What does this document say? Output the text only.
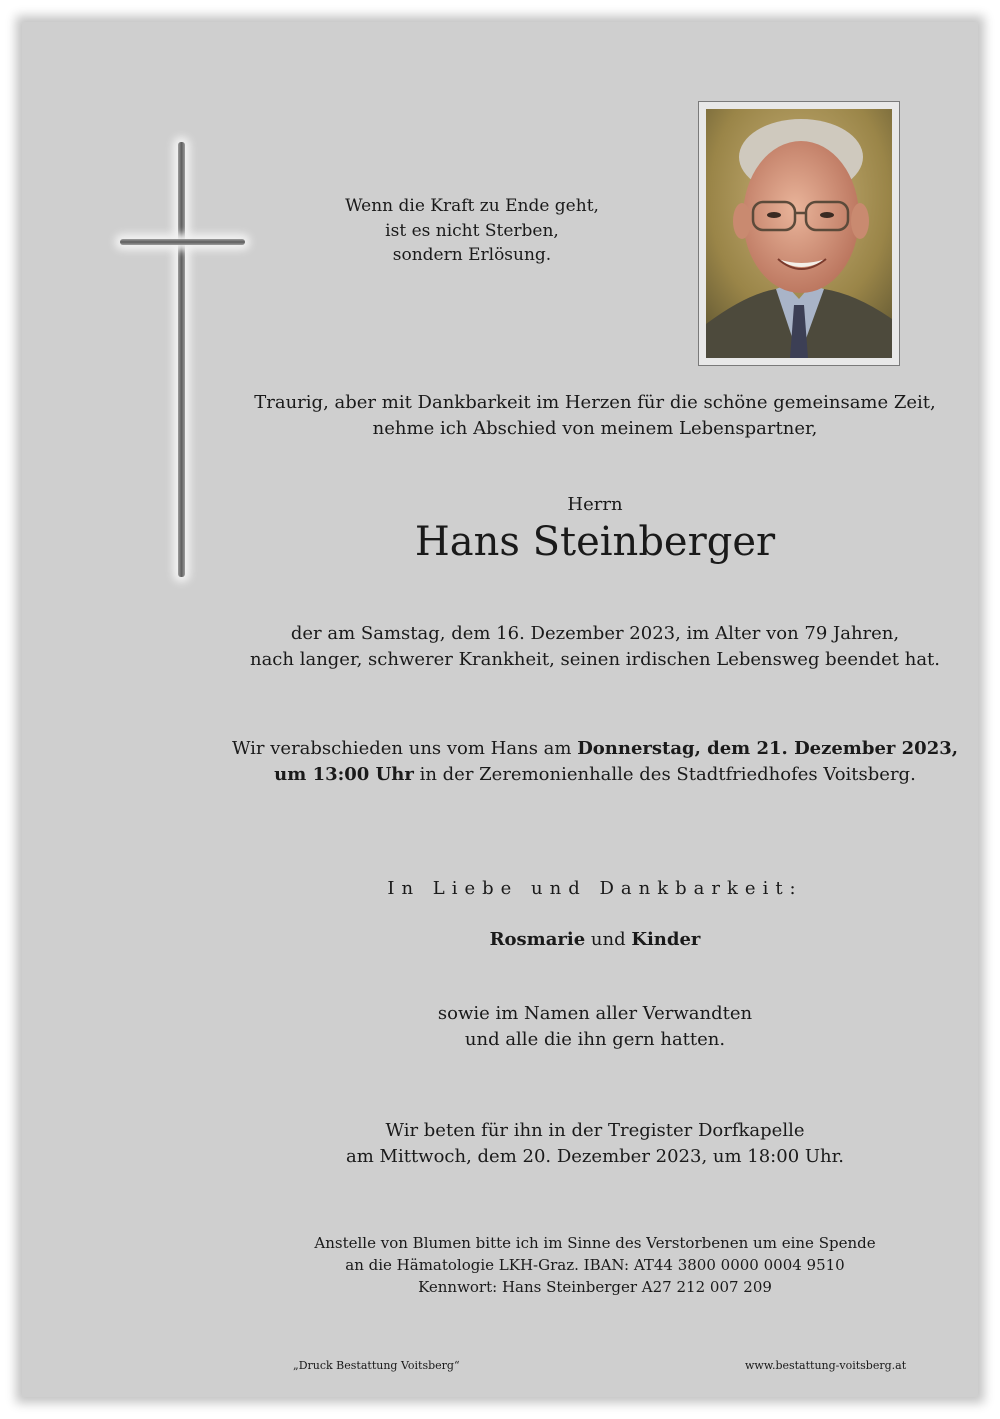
Wenn die Kraft zu Ende geht,
ist es nicht Sterben,
sondern Erlösung.
Traurig, aber mit Dankbarkeit im Herzen für die schöne gemeinsame Zeit,
nehme ich Abschied von meinem Lebenspartner,
Herrn
Hans Steinberger
der am Samstag, dem 16. Dezember 2023, im Alter von 79 Jahren,
nach langer, schwerer Krankheit, seinen irdischen Lebensweg beendet hat.
Wir verabschieden uns vom Hans am Donnerstag, dem 21. Dezember 2023,
um 13:00 Uhr in der Zeremonienhalle des Stadtfriedhofes Voitsberg.
In Liebe und Dankbarkeit:
Rosmarie und Kinder
sowie im Namen aller Verwandten
und alle die ihn gern hatten.
Wir beten für ihn in der Tregister Dorfkapelle
am Mittwoch, dem 20. Dezember 2023, um 18:00 Uhr.
Anstelle von Blumen bitte ich im Sinne des Verstorbenen um eine Spende
an die Hämatologie LKH-Graz. IBAN: AT44 3800 0000 0004 9510
Kennwort: Hans Steinberger A27 212 007 209
„Druck Bestattung Voitsberg“	www.bestattung-voitsberg.at
